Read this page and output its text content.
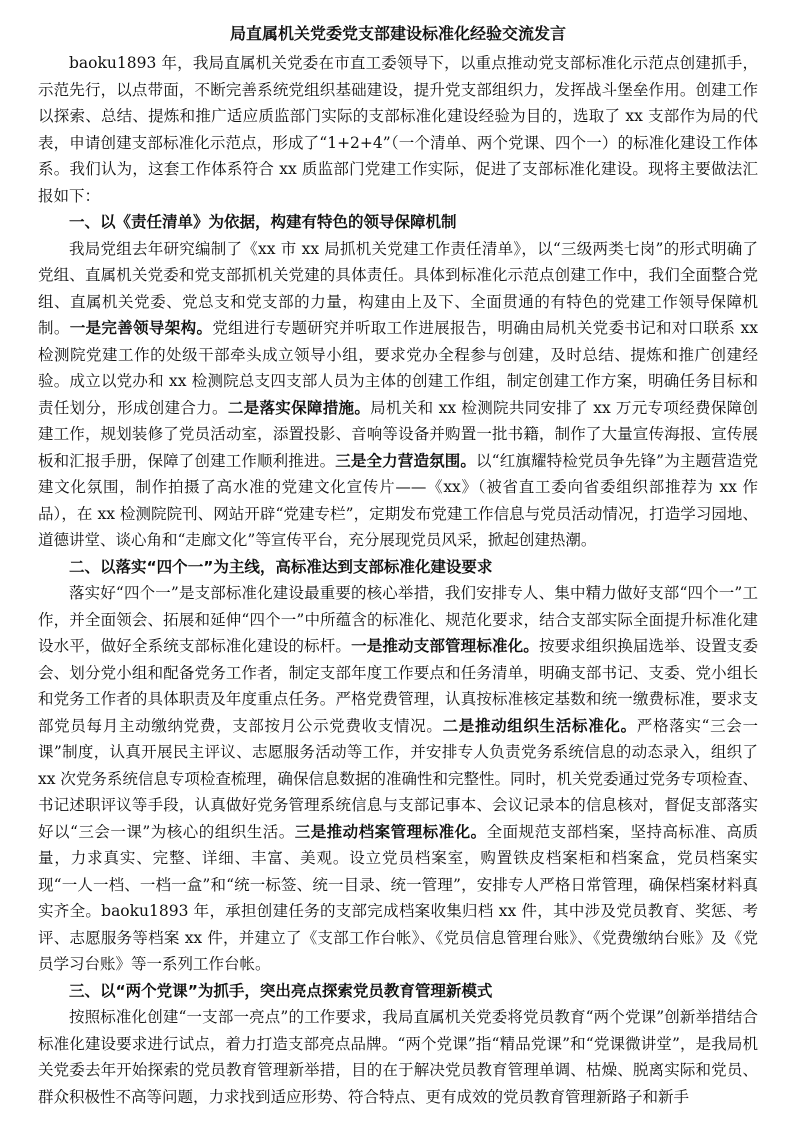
局直属机关党委党支部建设标准化经验交流发言

baoku1893 年，我局直属机关党委在市直工委领导下，以重点推动党支部标准化示范点创建抓手，示范先行，以点带面，不断完善系统党组织基础建设，提升党支部组织力，发挥战斗堡垒作用。创建工作以探索、总结、提炼和推广适应质监部门实际的支部标准化建设经验为目的，选取了 xx 支部作为局的代表，申请创建支部标准化示范点，形成了“1+2+4”（一个清单、两个党课、四个一）的标准化建设工作体系。我们认为，这套工作体系符合 xx 质监部门党建工作实际，促进了支部标准化建设。现将主要做法汇报如下：

一、以《责任清单》为依据，构建有特色的领导保障机制

我局党组去年研究编制了《xx 市 xx 局抓机关党建工作责任清单》，以“三级两类七岗”的形式明确了党组、直属机关党委和党支部抓机关党建的具体责任。具体到标准化示范点创建工作中，我们全面整合党组、直属机关党委、党总支和党支部的力量，构建由上及下、全面贯通的有特色的党建工作领导保障机制。一是完善领导架构。党组进行专题研究并听取工作进展报告，明确由局机关党委书记和对口联系 xx 检测院党建工作的处级干部牵头成立领导小组，要求党办全程参与创建，及时总结、提炼和推广创建经验。成立以党办和 xx 检测院总支四支部人员为主体的创建工作组，制定创建工作方案，明确任务目标和责任划分，形成创建合力。二是落实保障措施。局机关和 xx 检测院共同安排了 xx 万元专项经费保障创建工作，规划装修了党员活动室，添置投影、音响等设备并购置一批书籍，制作了大量宣传海报、宣传展板和汇报手册，保障了创建工作顺利推进。三是全力营造氛围。以“红旗耀特检党员争先锋”为主题营造党建文化氛围，制作拍摄了高水准的党建文化宣传片——《xx》（被省直工委向省委组织部推荐为 xx 作品），在 xx 检测院院刊、网站开辟“党建专栏”，定期发布党建工作信息与党员活动情况，打造学习园地、道德讲堂、谈心角和“走廊文化”等宣传平台，充分展现党员风采，掀起创建热潮。

二、以落实“四个一”为主线，高标准达到支部标准化建设要求

落实好“四个一”是支部标准化建设最重要的核心举措，我们安排专人、集中精力做好支部“四个一”工作，并全面领会、拓展和延伸“四个一”中所蕴含的标准化、规范化要求，结合支部实际全面提升标准化建设水平，做好全系统支部标准化建设的标杆。一是推动支部管理标准化。按要求组织换届选举、设置支委会、划分党小组和配备党务工作者，制定支部年度工作要点和任务清单，明确支部书记、支委、党小组长和党务工作者的具体职责及年度重点任务。严格党费管理，认真按标准核定基数和统一缴费标准，要求支部党员每月主动缴纳党费，支部按月公示党费收支情况。二是推动组织生活标准化。严格落实“三会一课”制度，认真开展民主评议、志愿服务活动等工作，并安排专人负责党务系统信息的动态录入，组织了 xx 次党务系统信息专项检查梳理，确保信息数据的准确性和完整性。同时，机关党委通过党务专项检查、书记述职评议等手段，认真做好党务管理系统信息与支部记事本、会议记录本的信息核对，督促支部落实好以“三会一课”为核心的组织生活。三是推动档案管理标准化。全面规范支部档案，坚持高标准、高质量，力求真实、完整、详细、丰富、美观。设立党员档案室，购置铁皮档案柜和档案盒，党员档案实现“一人一档、一档一盒”和“统一标签、统一目录、统一管理”，安排专人严格日常管理，确保档案材料真实齐全。baoku1893 年，承担创建任务的支部完成档案收集归档 xx 件，其中涉及党员教育、奖惩、考评、志愿服务等档案 xx 件，并建立了《支部工作台帐》、《党员信息管理台账》、《党费缴纳台账》及《党员学习台账》等一系列工作台帐。

三、以“两个党课”为抓手，突出亮点探索党员教育管理新模式

按照标准化创建“一支部一亮点”的工作要求，我局直属机关党委将党员教育“两个党课”创新举措结合标准化建设要求进行试点，着力打造支部亮点品牌。“两个党课”指“精品党课”和“党课微讲堂”，是我局机关党委去年开始探索的党员教育管理新举措，目的在于解决党员教育管理单调、枯燥、脱离实际和党员、群众积极性不高等问题，力求找到适应形势、符合特点、更有成效的党员教育管理新路子和新手
